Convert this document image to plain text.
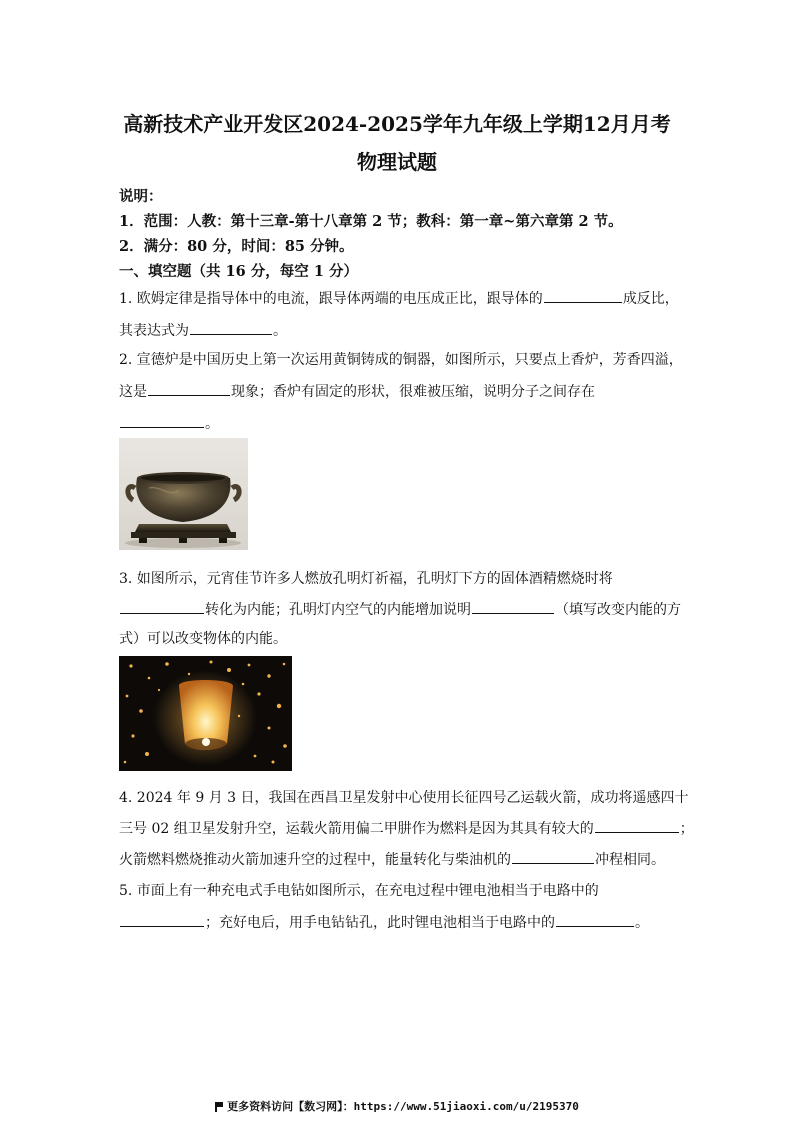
高新技术产业开发区2024-2025学年九年级上学期12月月考
物理试题
说明：
1．范围：人教：第十三章-第十八章第 2 节；教科：第一章~第六章第 2 节。
2．满分：80 分，时间：85 分钟。
一、填空题（共 16 分，每空 1 分）
1. 欧姆定律是指导体中的电流，跟导体两端的电压成正比，跟导体的	成反比，
其表达式为	。
2. 宣德炉是中国历史上第一次运用黄铜铸成的铜器，如图所示，只要点上香炉，芳香四溢，
这是	现象；香炉有固定的形状，很难被压缩，说明分子之间存在
。
3. 如图所示，元宵佳节许多人燃放孔明灯祈福，孔明灯下方的固体酒精燃烧时将
转化为内能；孔明灯内空气的内能增加说明	（填写改变内能的方
式）可以改变物体的内能。
4. 2024 年 9 月 3 日，我国在西昌卫星发射中心使用长征四号乙运载火箭，成功将遥感四十
三号 02 组卫星发射升空，运载火箭用偏二甲肼作为燃料是因为其具有较大的	；
火箭燃料燃烧推动火箭加速升空的过程中，能量转化与柴油机的	冲程相同。
5. 市面上有一种充电式手电钻如图所示，在充电过程中锂电池相当于电路中的
；充好电后，用手电钻钻孔，此时锂电池相当于电路中的	。
更多资料访问【数习网】：https://www.51jiaoxi.com/u/2195370
